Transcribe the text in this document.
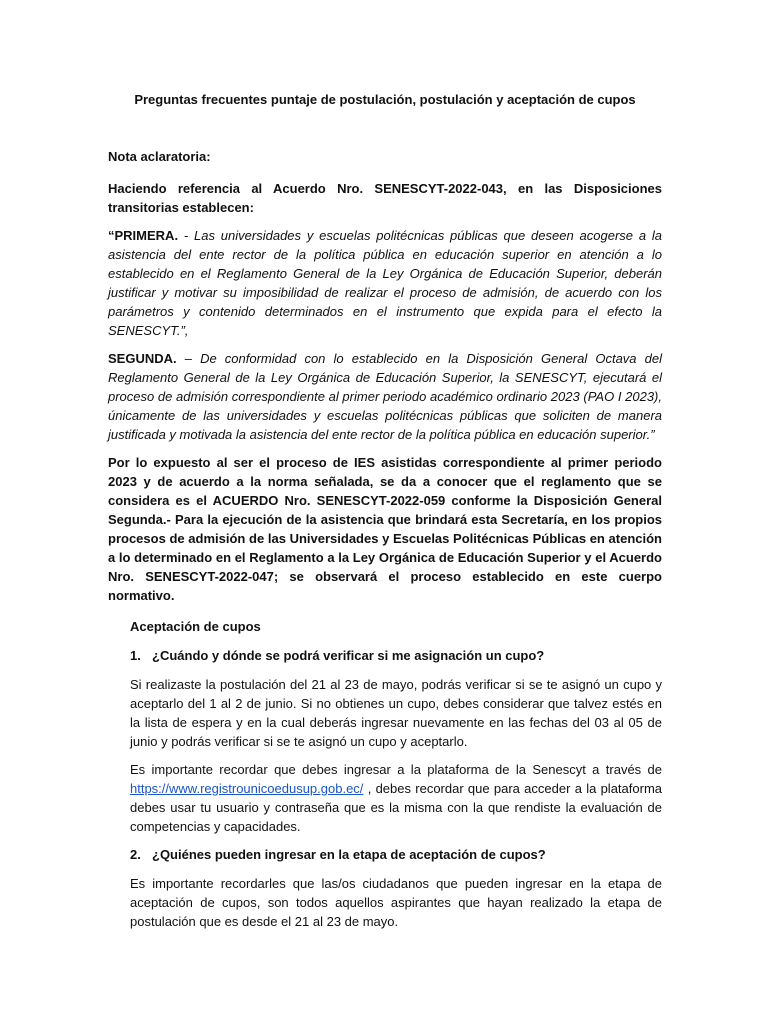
Preguntas frecuentes puntaje de postulación, postulación y aceptación de cupos

Nota aclaratoria:

Haciendo referencia al Acuerdo Nro. SENESCYT-2022-043, en las Disposiciones transitorias establecen:

“PRIMERA. - Las universidades y escuelas politécnicas públicas que deseen acogerse a la asistencia del ente rector de la política pública en educación superior en atención a lo establecido en el Reglamento General de la Ley Orgánica de Educación Superior, deberán justificar y motivar su imposibilidad de realizar el proceso de admisión, de acuerdo con los parámetros y contenido determinados en el instrumento que expida para el efecto la SENESCYT.”,

SEGUNDA. – De conformidad con lo establecido en la Disposición General Octava del Reglamento General de la Ley Orgánica de Educación Superior, la SENESCYT, ejecutará el proceso de admisión correspondiente al primer periodo académico ordinario 2023 (PAO I 2023), únicamente de las universidades y escuelas politécnicas públicas que soliciten de manera justificada y motivada la asistencia del ente rector de la política pública en educación superior.”

Por lo expuesto al ser el proceso de IES asistidas correspondiente al primer periodo 2023 y de acuerdo a la norma señalada, se da a conocer que el reglamento que se considera es el ACUERDO Nro. SENESCYT-2022-059 conforme la Disposición General Segunda.- Para la ejecución de la asistencia que brindará esta Secretaría, en los propios procesos de admisión de las Universidades y Escuelas Politécnicas Públicas en atención a lo determinado en el Reglamento a la Ley Orgánica de Educación Superior y el Acuerdo Nro. SENESCYT-2022-047; se observará el proceso establecido en este cuerpo normativo.

Aceptación de cupos
1. ¿Cuándo y dónde se podrá verificar si me asignación un cupo?

Si realizaste la postulación del 21 al 23 de mayo, podrás verificar si se te asignó un cupo y aceptarlo del 1 al 2 de junio. Si no obtienes un cupo, debes considerar que talvez estés en la lista de espera y en la cual deberás ingresar nuevamente en las fechas del 03 al 05 de junio y podrás verificar si se te asignó un cupo y aceptarlo.

Es importante recordar que debes ingresar a la plataforma de la Senescyt a través de https://www.registrounicoedusup.gob.ec/ , debes recordar que para acceder a la plataforma debes usar tu usuario y contraseña que es la misma con la que rendiste la evaluación de competencias y capacidades.

2. ¿Quiénes pueden ingresar en la etapa de aceptación de cupos?

Es importante recordarles que las/os ciudadanos que pueden ingresar en la etapa de aceptación de cupos, son todos aquellos aspirantes que hayan realizado la etapa de postulación que es desde el 21 al 23 de mayo.
